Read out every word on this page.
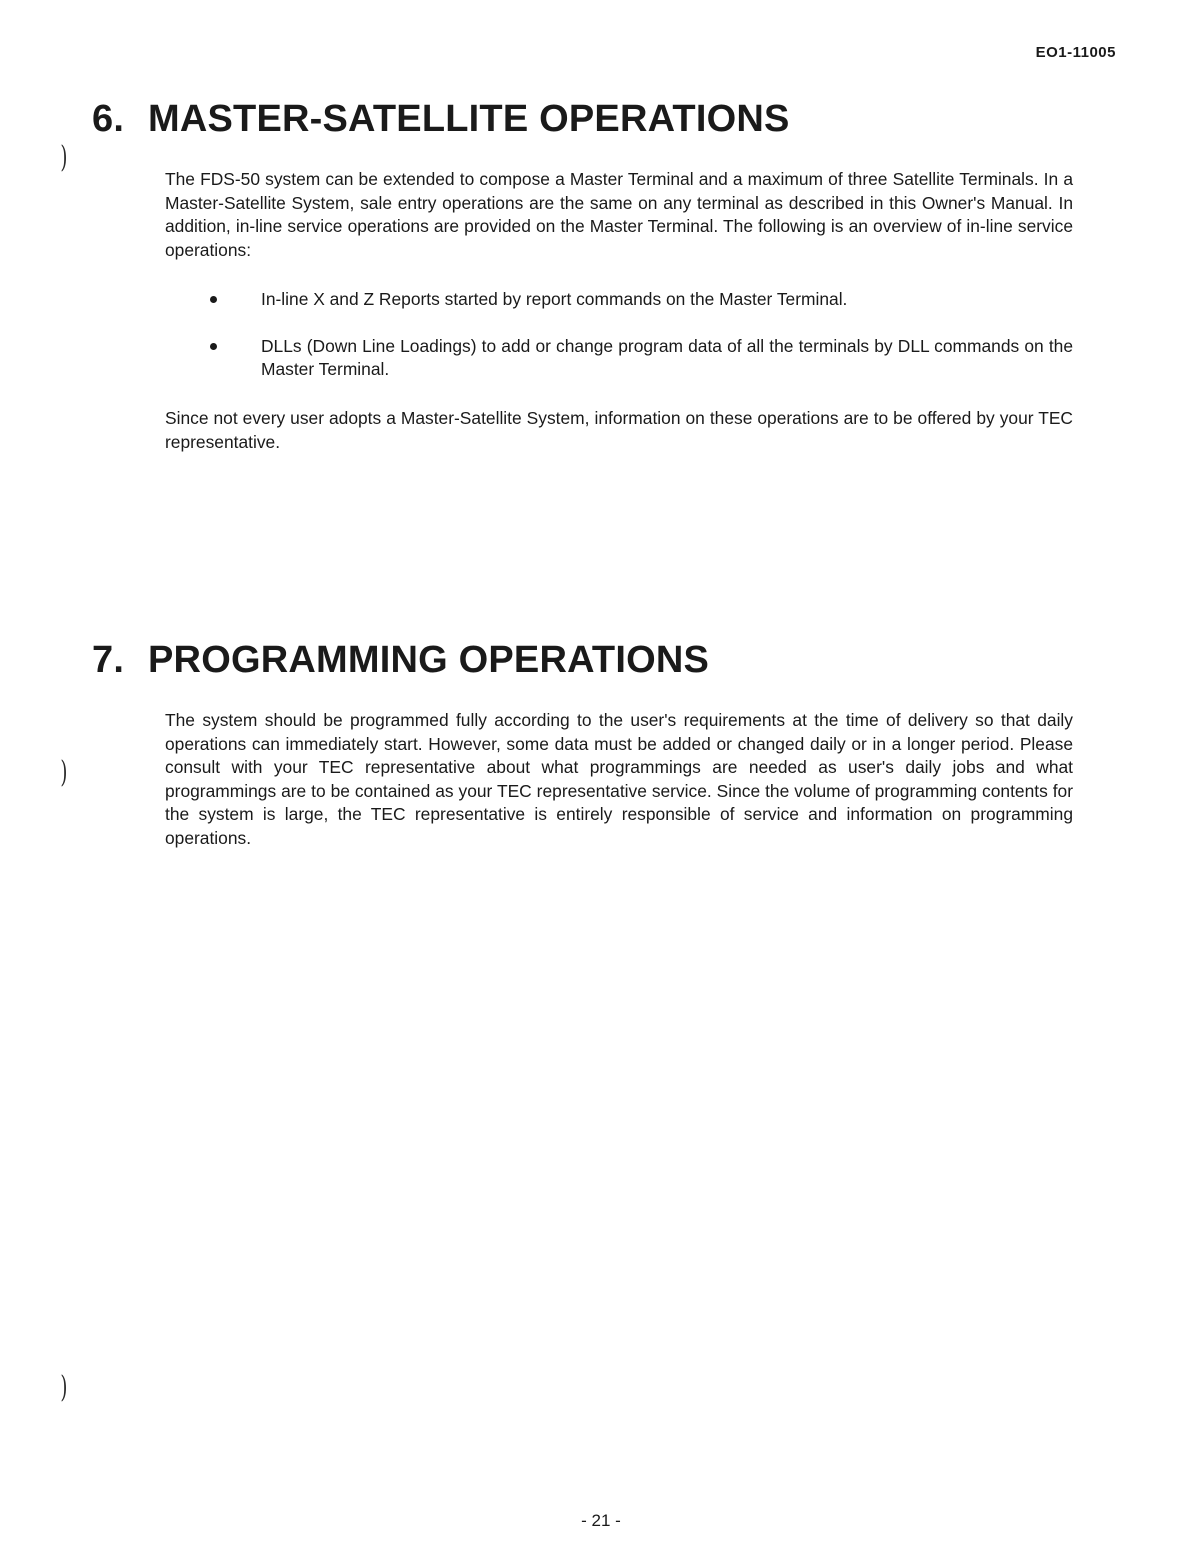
EO1-11005
)
)
)
6. MASTER-SATELLITE OPERATIONS

The FDS-50 system can be extended to compose a Master Terminal and a maximum of three Satellite Terminals. In a Master-Satellite System, sale entry operations are the same on any terminal as described in this Owner's Manual. In addition, in-line service operations are provided on the Master Terminal. The following is an overview of in-line service operations:

In-line X and Z Reports started by report commands on the Master Terminal.
DLLs (Down Line Loadings) to add or change program data of all the terminals by DLL commands on the Master Terminal.

Since not every user adopts a Master-Satellite System, information on these operations are to be offered by your TEC representative.

7. PROGRAMMING OPERATIONS

The system should be programmed fully according to the user's requirements at the time of delivery so that daily operations can immediately start. However, some data must be added or changed daily or in a longer period. Please consult with your TEC representative about what programmings are needed as user's daily jobs and what programmings are to be contained as your TEC representative service. Since the volume of programming contents for the system is large, the TEC representative is entirely responsible of service and information on programming operations.

- 21 -
